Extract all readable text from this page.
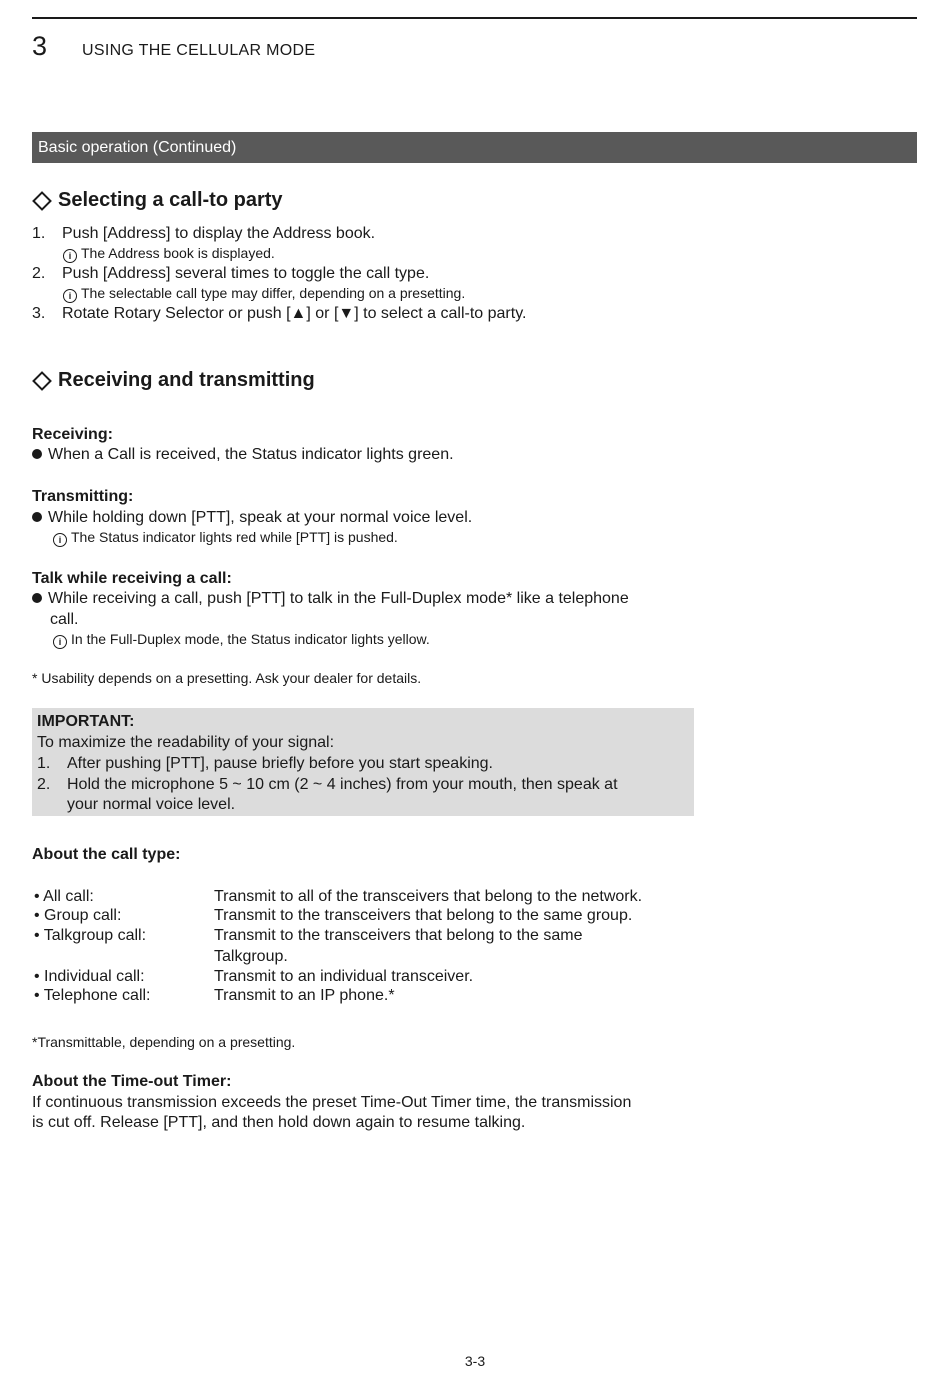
3 USING THE CELLULAR MODE
Basic operation (Continued)
Selecting a call-to party
1. Push [Address] to display the Address book.
i The Address book is displayed.
2. Push [Address] several times to toggle the call type.
i The selectable call type may differ, depending on a presetting.
3. Rotate Rotary Selector or push [▲] or [▼] to select a call-to party.
Receiving and transmitting
Receiving:
When a Call is received, the Status indicator lights green.
Transmitting:
While holding down [PTT], speak at your normal voice level.
i The Status indicator lights red while [PTT] is pushed.
Talk while receiving a call:
While receiving a call, push [PTT] to talk in the Full-Duplex mode* like a telephone
call.
i In the Full-Duplex mode, the Status indicator lights yellow.
* Usability depends on a presetting. Ask your dealer for details.
IMPORTANT:
To maximize the readability of your signal:
1. After pushing [PTT], pause briefly before you start speaking.
2. Hold the microphone 5 ~ 10 cm (2 ~ 4 inches) from your mouth, then speak at
your normal voice level.
About the call type:
• All call:	Transmit to all of the transceivers that belong to the network.
• Group call:	Transmit to the transceivers that belong to the same group.
• Talkgroup call:	Transmit to the transceivers that belong to the same
Talkgroup.
• Individual call:	Transmit to an individual transceiver.
• Telephone call:	Transmit to an IP phone.*
*Transmittable, depending on a presetting.
About the Time-out Timer:
If continuous transmission exceeds the preset Time-Out Timer time, the transmission
is cut off. Release [PTT], and then hold down again to resume talking.
3-3
